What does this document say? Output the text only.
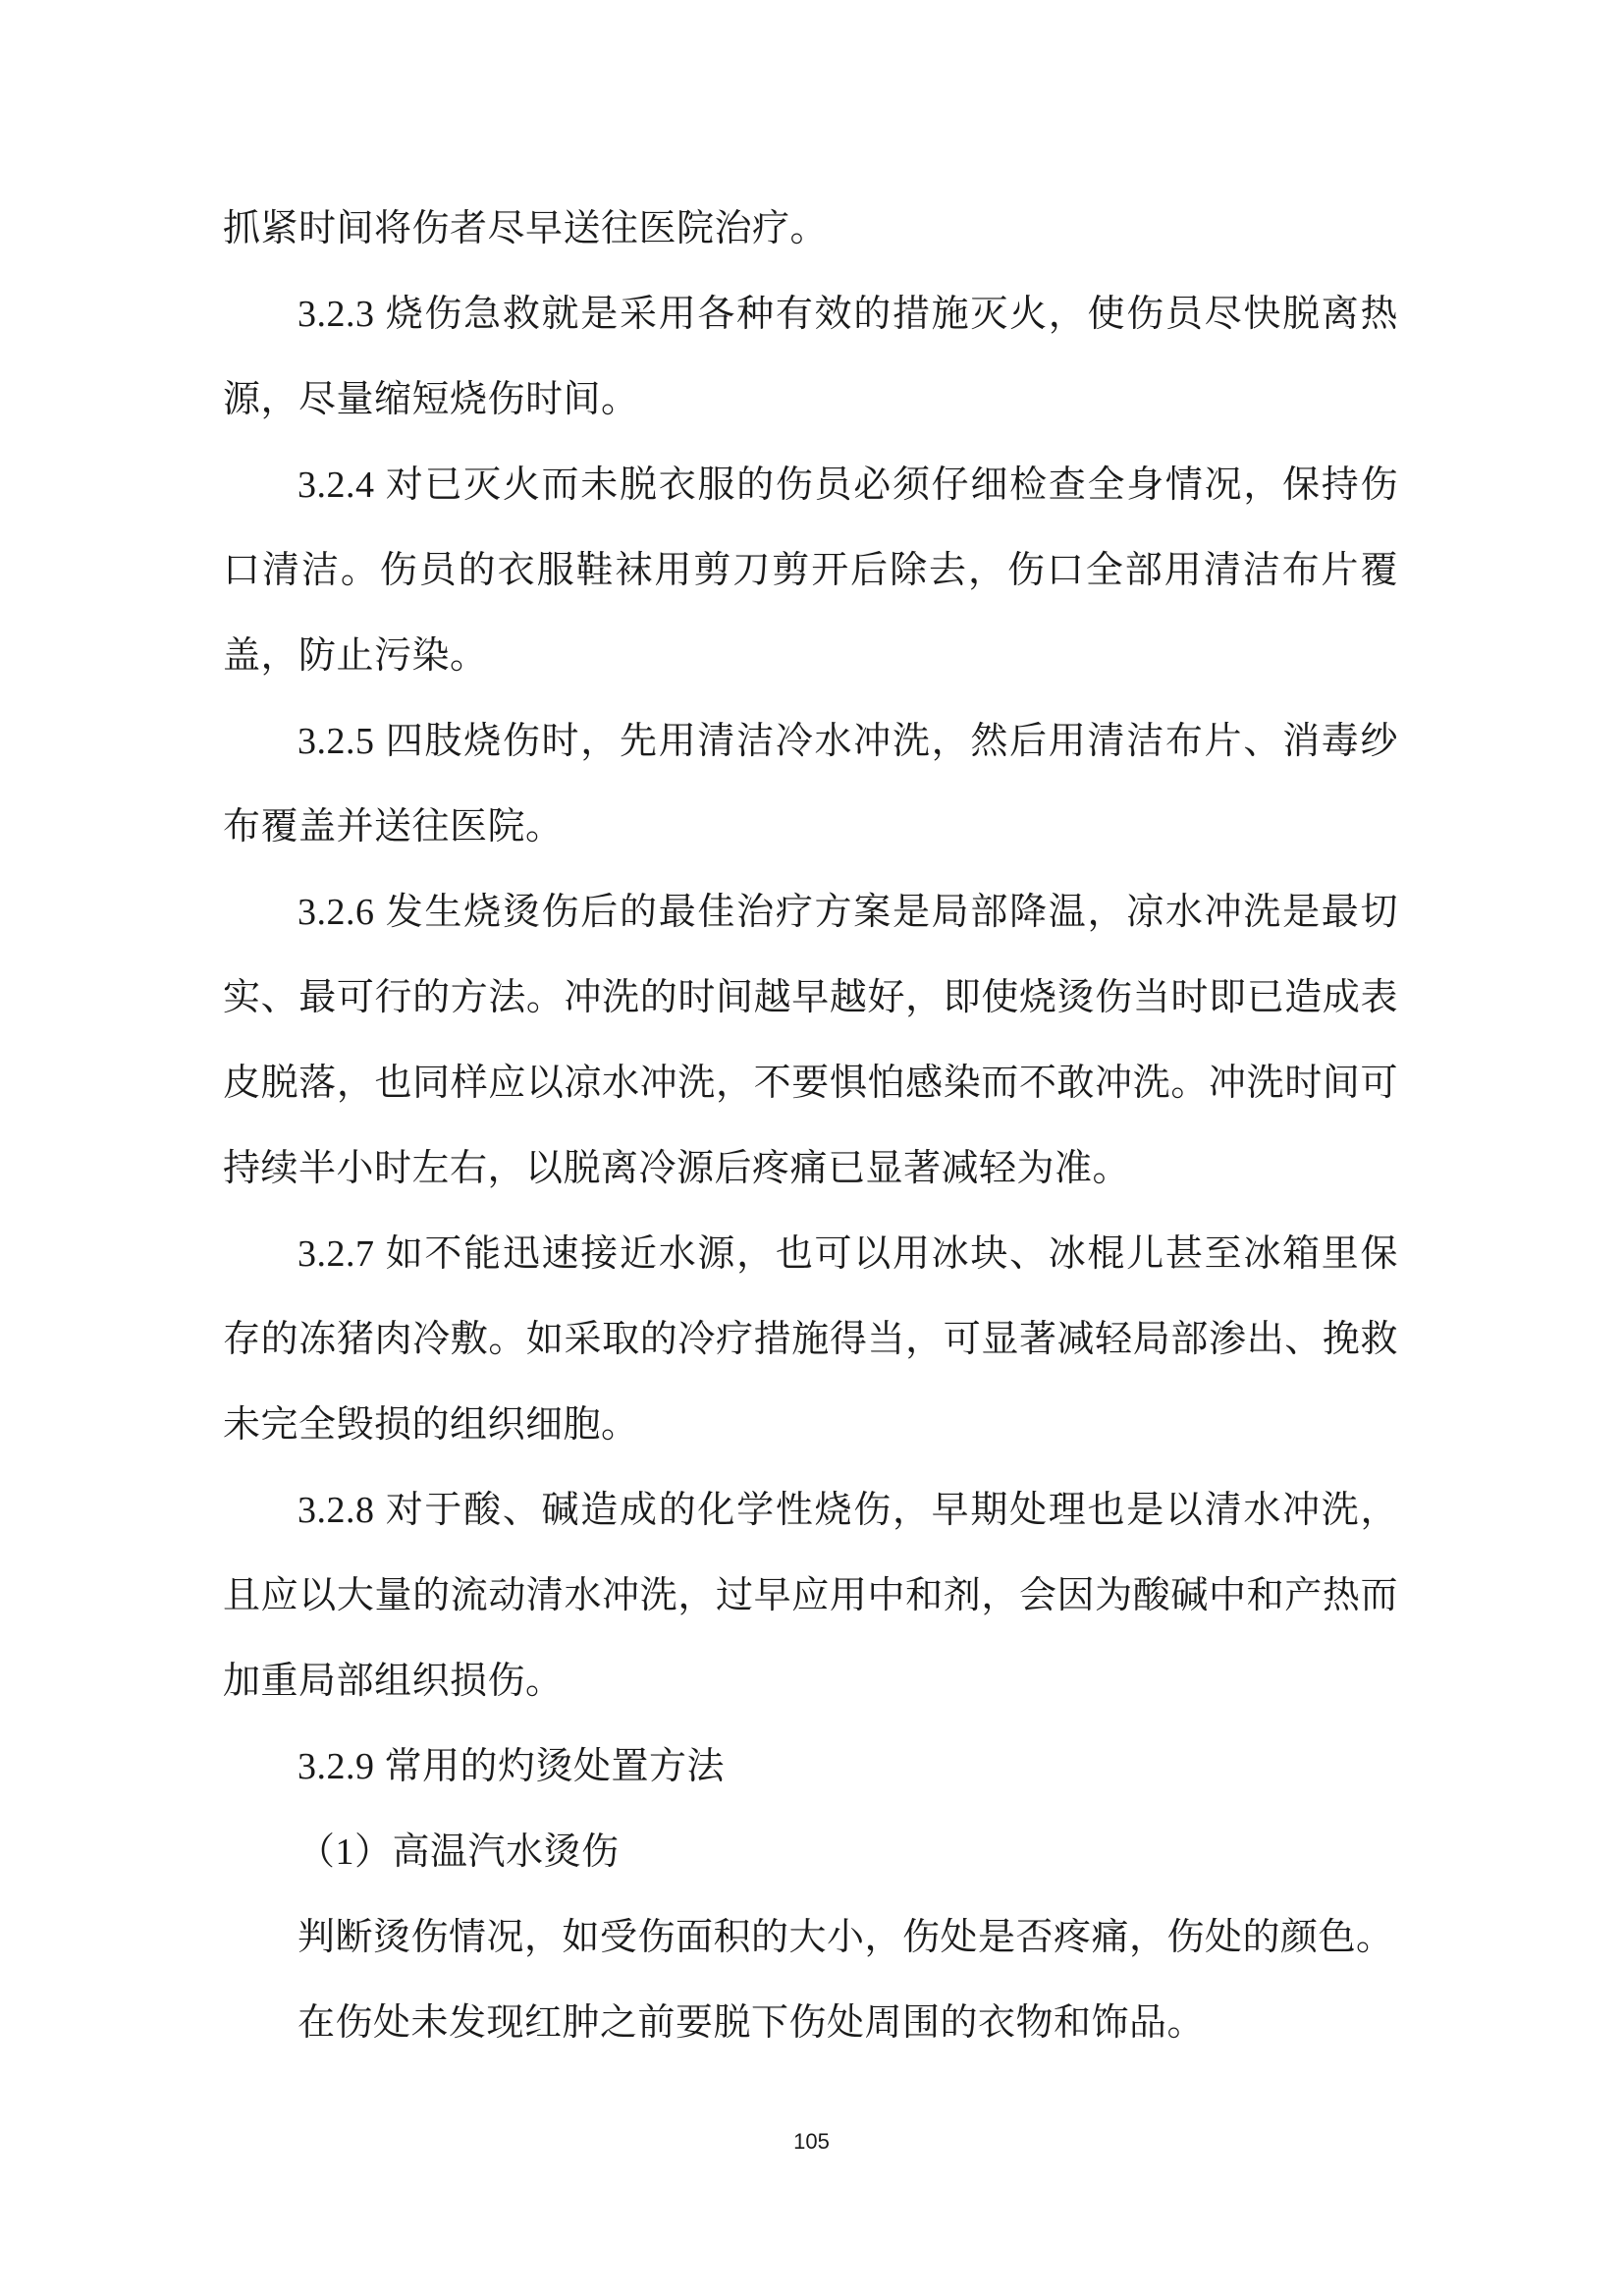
抓紧时间将伤者尽早送往医院治疗。

3.2.3 烧伤急救就是采用各种有效的措施灭火，使伤员尽快脱离热源，尽量缩短烧伤时间。

3.2.4 对已灭火而未脱衣服的伤员必须仔细检查全身情况，保持伤口清洁。伤员的衣服鞋袜用剪刀剪开后除去，伤口全部用清洁布片覆盖，防止污染。

3.2.5 四肢烧伤时，先用清洁冷水冲洗，然后用清洁布片、消毒纱布覆盖并送往医院。

3.2.6 发生烧烫伤后的最佳治疗方案是局部降温，凉水冲洗是最切实、最可行的方法。冲洗的时间越早越好，即使烧烫伤当时即已造成表皮脱落，也同样应以凉水冲洗，不要惧怕感染而不敢冲洗。冲洗时间可持续半小时左右，以脱离冷源后疼痛已显著减轻为准。

3.2.7 如不能迅速接近水源，也可以用冰块、冰棍儿甚至冰箱里保存的冻猪肉冷敷。如采取的冷疗措施得当，可显著减轻局部渗出、挽救未完全毁损的组织细胞。

3.2.8 对于酸、碱造成的化学性烧伤，早期处理也是以清水冲洗，且应以大量的流动清水冲洗，过早应用中和剂，会因为酸碱中和产热而加重局部组织损伤。

3.2.9 常用的灼烫处置方法

（1）高温汽水烫伤

判断烫伤情况，如受伤面积的大小，伤处是否疼痛，伤处的颜色。

在伤处未发现红肿之前要脱下伤处周围的衣物和饰品。

105
